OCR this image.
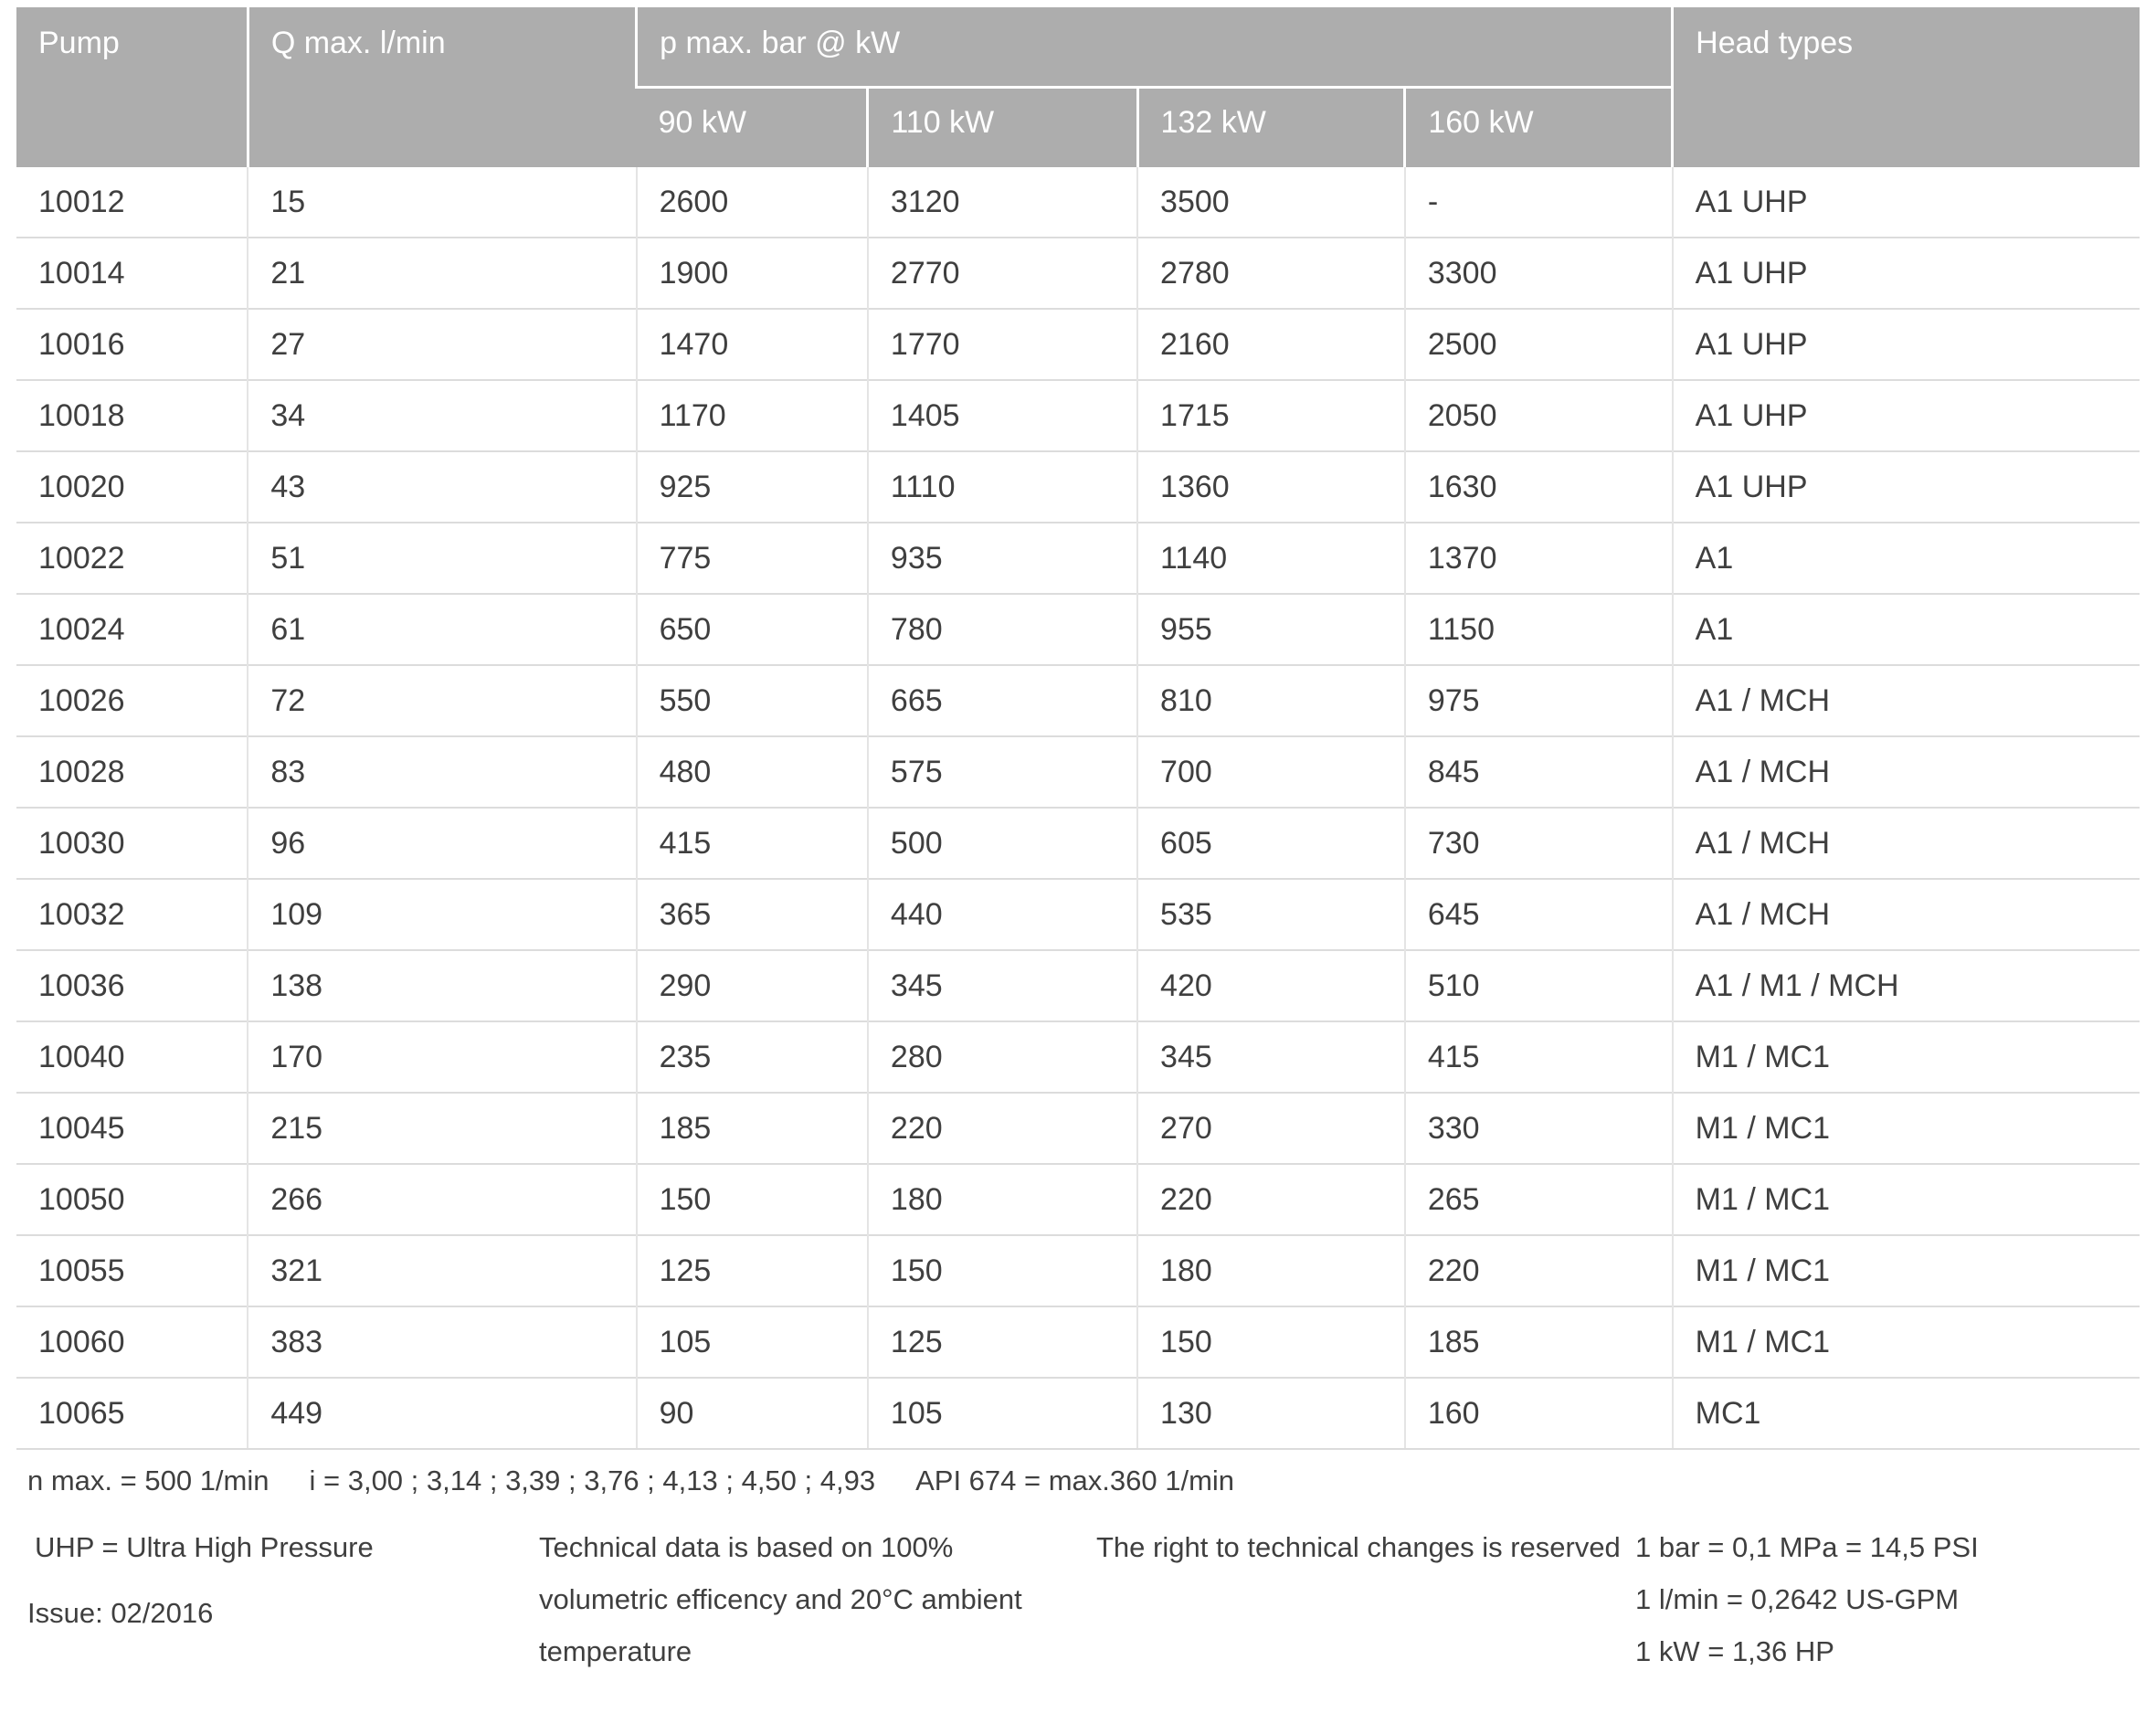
Pump	Q max. l/min	p max. bar @ kW				Head types
		90 kW	110 kW	132 kW	160 kW	
10012	15	2600	3120	3500	-	A1 UHP
10014	21	1900	2770	2780	3300	A1 UHP
10016	27	1470	1770	2160	2500	A1 UHP
10018	34	1170	1405	1715	2050	A1 UHP
10020	43	925	1110	1360	1630	A1 UHP
10022	51	775	935	1140	1370	A1
10024	61	650	780	955	1150	A1
10026	72	550	665	810	975	A1 / MCH
10028	83	480	575	700	845	A1 / MCH
10030	96	415	500	605	730	A1 / MCH
10032	109	365	440	535	645	A1 / MCH
10036	138	290	345	420	510	A1 / M1 / MCH
10040	170	235	280	345	415	M1 / MC1
10045	215	185	220	270	330	M1 / MC1
10050	266	150	180	220	265	M1 / MC1
10055	321	125	150	180	220	M1 / MC1
10060	383	105	125	150	185	M1 / MC1
10065	449	90	105	130	160	MC1
n max. = 500 1/min i = 3,00 ; 3,14 ; 3,39 ; 3,76 ; 4,13 ; 4,50 ; 4,93 API 674 = max.360 1/min
UHP = Ultra High Pressure	Technical data is based on 100%
volumetric efficency and 20°C ambient
temperature
The right to technical changes is reserved 1 bar = 0,1 MPa = 14,5 PSI
1 l/min = 0,2642 US-GPM
1 kW = 1,36 HP
Issue: 02/2016
